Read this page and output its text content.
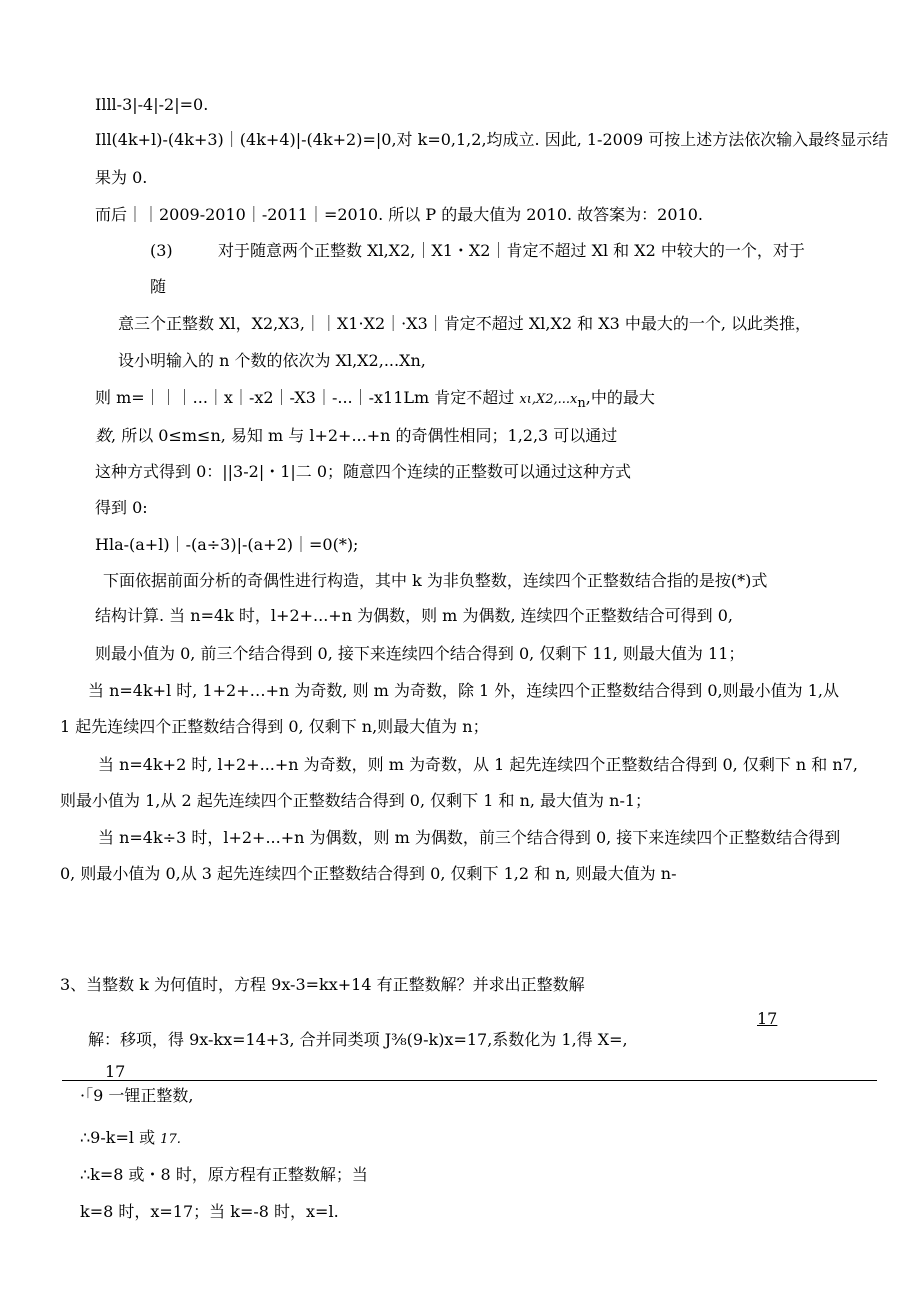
Illl-3|-4|-2|=0.
Ill(4k+l)-(4k+3)｜(4k+4)|-(4k+2)=|0,对 k=0,1,2,均成立. 因此, 1-2009 可按上述方法依次输入最终显示结
果为 0.
而后｜｜2009-2010｜-2011｜=2010. 所以 P 的最大值为 2010. 故答案为：2010.
(3)	对于随意两个正整数 Xl,X2,｜X1・X2｜肯定不超过 Xl 和 X2 中较大的一个，对于
随
意三个正整数 Xl，X2,X3,｜｜X1·X2｜·X3｜肯定不超过 Xl,X2 和 X3 中最大的一个, 以此类推，
设小明输入的 n 个数的依次为 Xl,X2,...Xn,
则 m=｜｜｜...｜x｜-x2｜-X3｜-...｜-x11Lm 肯定不超过 $x\iota,X2,...x_n$,中的最大
数, 所以 0≤m≤n, 易知 m 与 l+2+...+n 的奇偶性相同；1,2,3 可以通过
这种方式得到 0：||3-2|・1|二 0；随意四个连续的正整数可以通过这种方式
得到 0:
Hla-(a+l)｜-(a÷3)|-(a+2)｜=0(*);
下面依据前面分析的奇偶性进行构造，其中 k 为非负整数，连续四个正整数结合指的是按(*)式
结构计算. 当 n=4k 时，l+2+...+n 为偶数，则 m 为偶数, 连续四个正整数结合可得到 0,
则最小值为 0, 前三个结合得到 0, 接下来连续四个结合得到 0, 仅剩下 11, 则最大值为 11；
当 n=4k+l 时, 1+2+…+n 为奇数, 则 m 为奇数，除 1 外，连续四个正整数结合得到 0,则最小值为 1,从
1 起先连续四个正整数结合得到 0, 仅剩下 n,则最大值为 n；
当 n=4k+2 时, l+2+...+n 为奇数，则 m 为奇数，从 1 起先连续四个正整数结合得到 0, 仅剩下 n 和 n7,
则最小值为 1,从 2 起先连续四个正整数结合得到 0, 仅剩下 1 和 n, 最大值为 n-1；
当 n=4k÷3 时，l+2+...+n 为偶数，则 m 为偶数，前三个结合得到 0, 接下来连续四个正整数结合得到
0, 则最小值为 0,从 3 起先连续四个正整数结合得到 0, 仅剩下 1,2 和 n, 则最大值为 n-
3、当整数 k 为何值时，方程 9x-3=kx+14 有正整数解？并求出正整数解
17
解：移项，得 9x-kx=14+3, 合并同类项 J⅜(9-k)x=17,系数化为 1,得 X=,
17
·「9 一锂正整数,
∴9-k=l 或 17.
∴k=8 或・8 时，原方程有正整数解；当
k=8 时，x=17；当 k=-8 时，x=l.
